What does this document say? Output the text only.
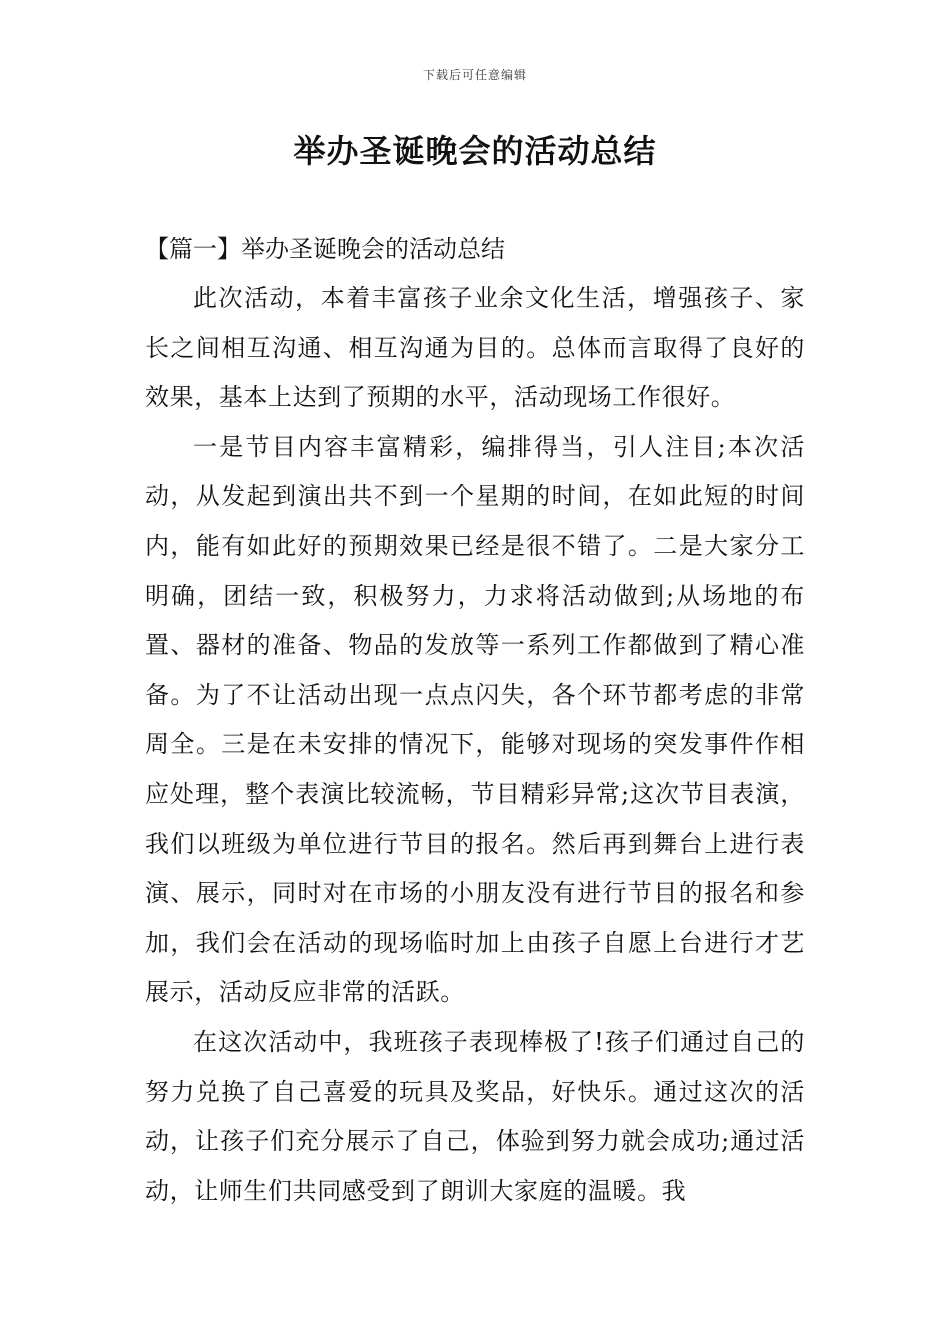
下载后可任意编辑
举办圣诞晚会的活动总结
【篇一】举办圣诞晚会的活动总结

此次活动，本着丰富孩子业余文化生活，增强孩子、家长之间相互沟通、相互沟通为目的。总体而言取得了良好的效果，基本上达到了预期的水平，活动现场工作很好。

一是节目内容丰富精彩，编排得当，引人注目;本次活动，从发起到演出共不到一个星期的时间，在如此短的时间内，能有如此好的预期效果已经是很不错了。二是大家分工明确，团结一致，积极努力，力求将活动做到;从场地的布置、器材的准备、物品的发放等一系列工作都做到了精心准备。为了不让活动出现一点点闪失，各个环节都考虑的非常周全。三是在未安排的情况下，能够对现场的突发事件作相应处理，整个表演比较流畅，节目精彩异常;这次节目表演，我们以班级为单位进行节目的报名。然后再到舞台上进行表演、展示，同时对在市场的小朋友没有进行节目的报名和参加，我们会在活动的现场临时加上由孩子自愿上台进行才艺展示，活动反应非常的活跃。

在这次活动中，我班孩子表现棒极了!孩子们通过自己的努力兑换了自己喜爱的玩具及奖品，好快乐。通过这次的活动，让孩子们充分展示了自己，体验到努力就会成功;通过活动，让师生们共同感受到了朗训大家庭的温暖。我
